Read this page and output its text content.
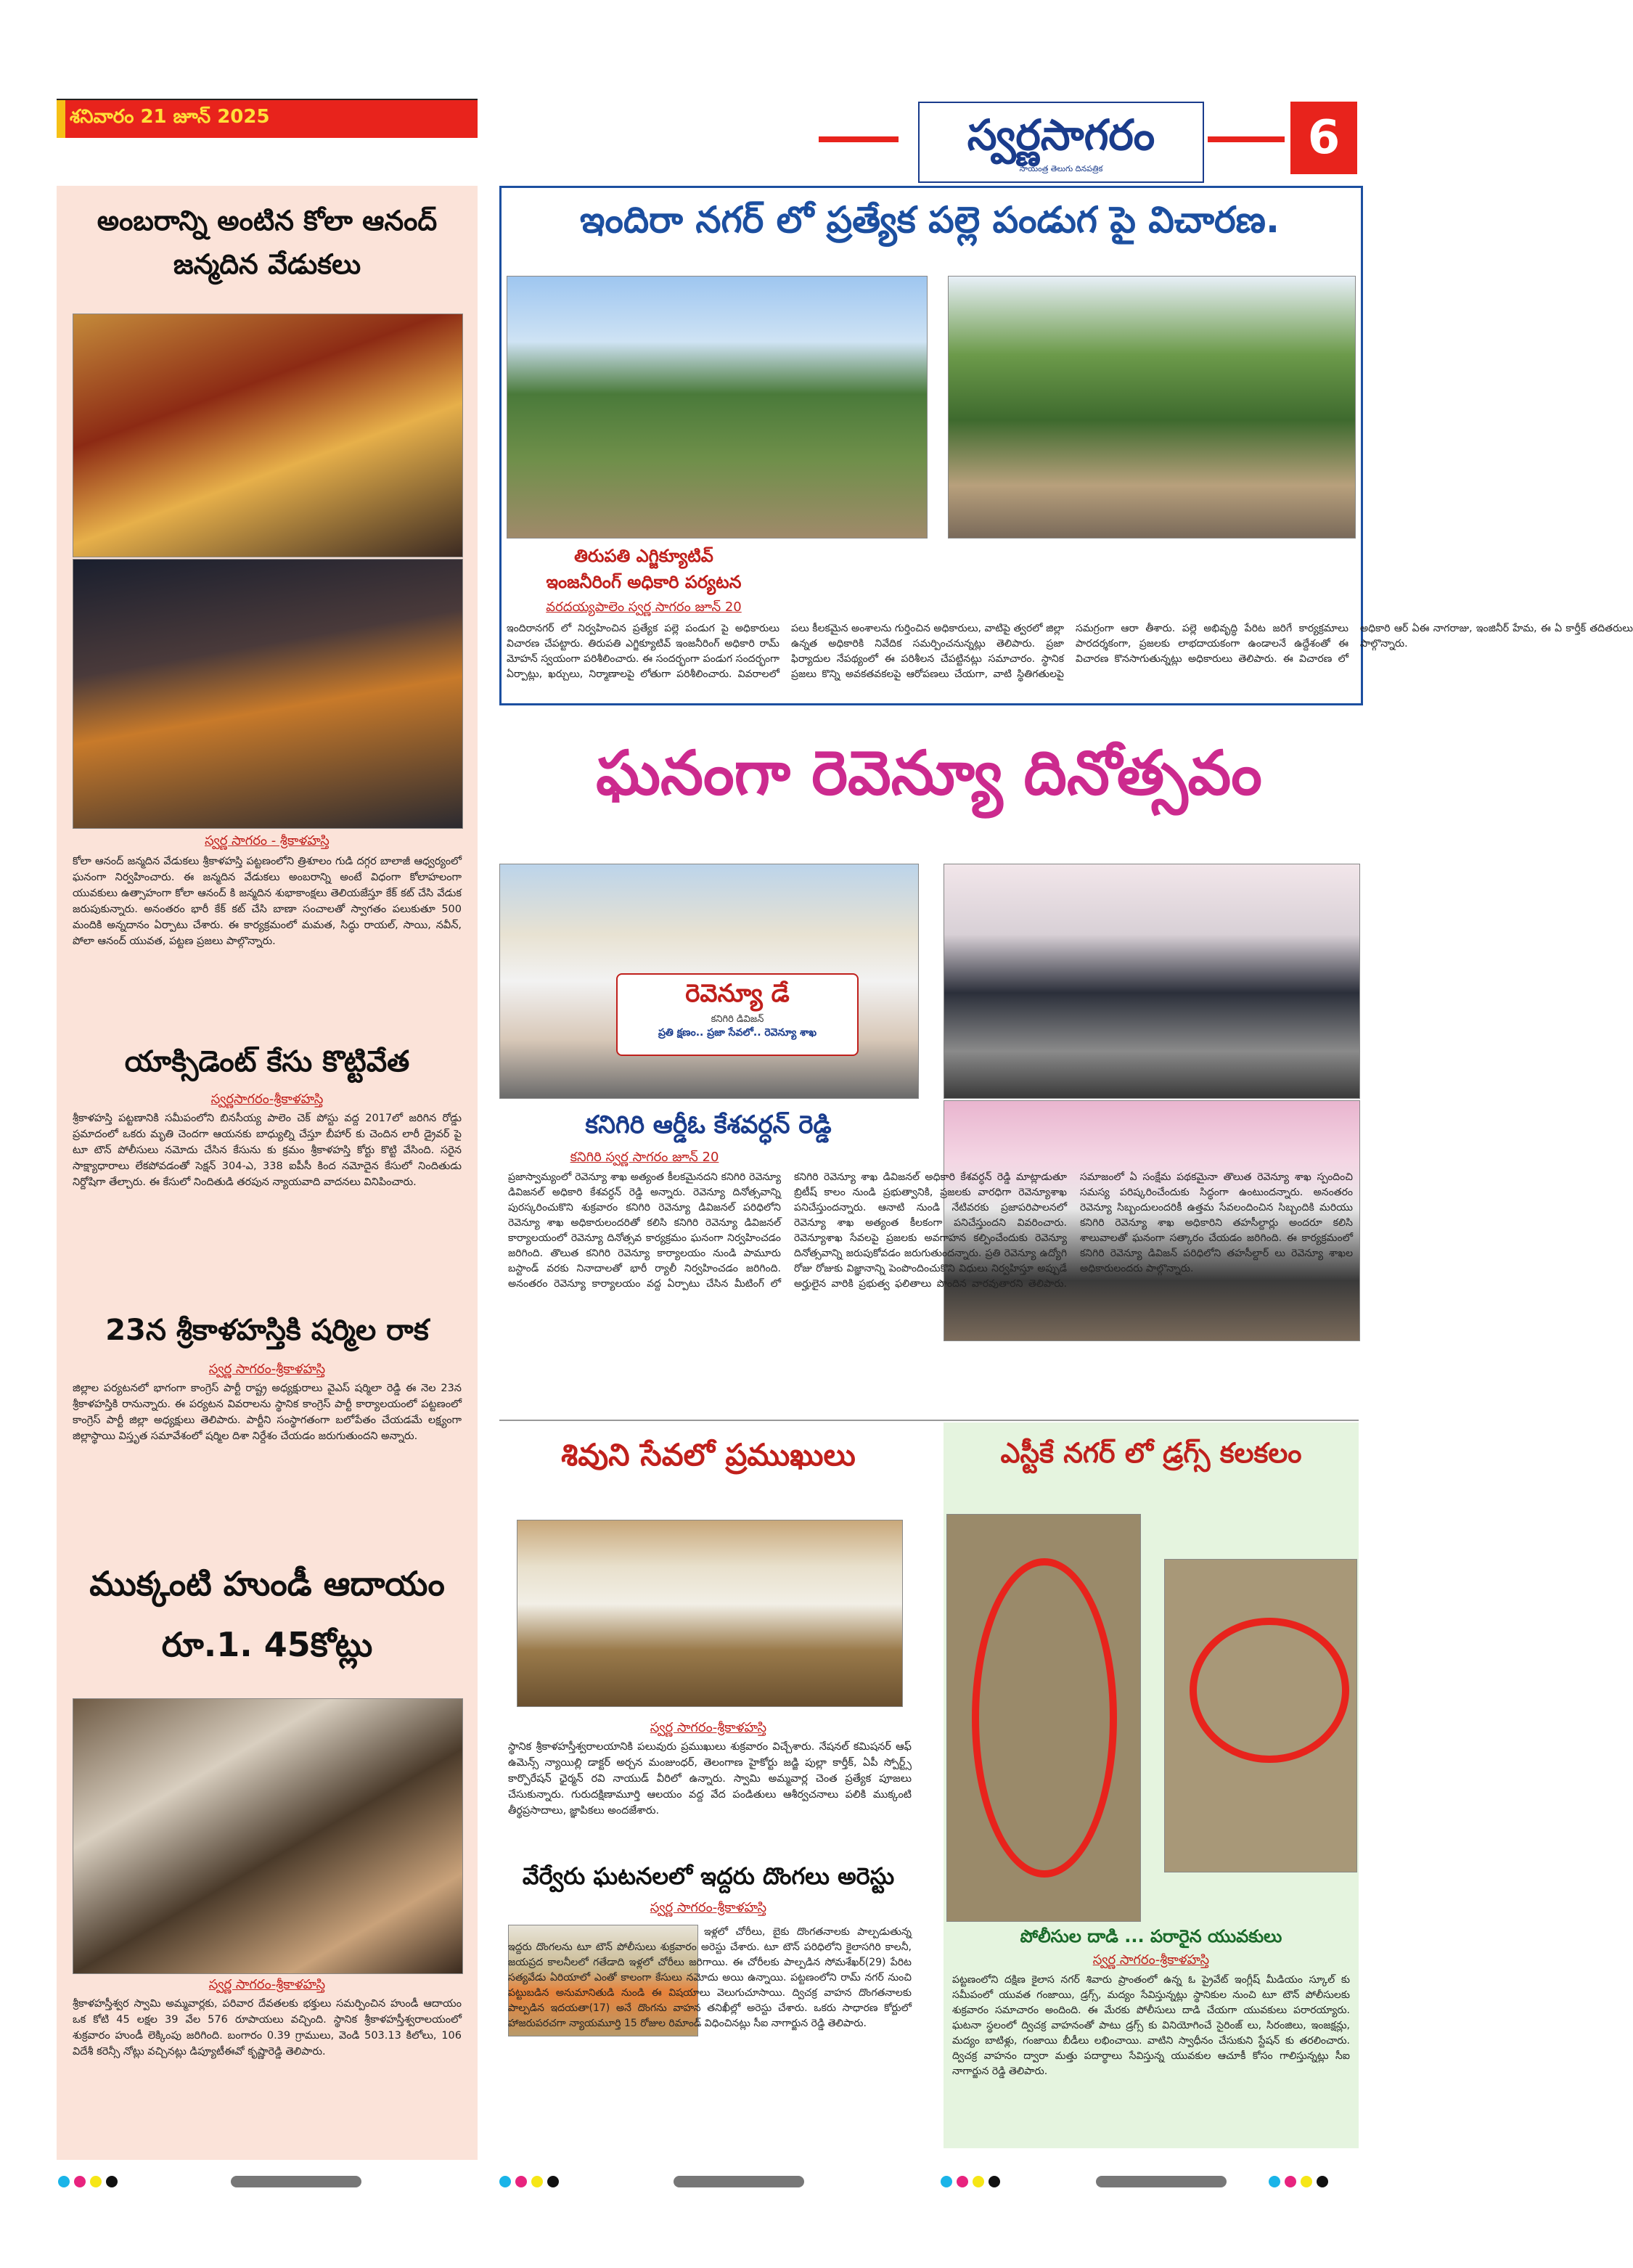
శనివారం 21 జూన్ 2025	స్వర్ణసాగరం
సాయంత్ర తెలుగు దినపత్రిక
6
అంబరాన్ని అంటిన కోలా ఆనంద్ జన్మదిన వేడుకలు
స్వర్ణ సాగరం - శ్రీకాళహస్తి
కోలా ఆనంద్ జన్మదిన వేడుకలు శ్రీకాళహస్తి పట్టణంలోని త్రిశూలం గుడి దగ్గర బాలాజీ ఆధ్వర్యంలో ఘనంగా నిర్వహించారు. ఈ జన్మదిన వేడుకలు అంబరాన్ని అంటే విధంగా కోలాహలంగా యువకులు ఉత్సాహంగా కోలా ఆనంద్ కి జన్మదిన శుభాకాంక్షలు తెలియజేస్తూ కేక్ కట్ చేసి వేడుక జరుపుకున్నారు. అనంతరం భారీ కేక్ కట్ చేసి బాణా సంచాలతో స్వాగతం పలుకుతూ 500 మందికి అన్నదానం ఏర్పాటు చేశారు. ఈ కార్యక్రమంలో మమత, సిద్ధు రాయల్, సాయి, నవీన్, పోలా ఆనంద్ యువత, పట్టణ ప్రజలు పాల్గొన్నారు.
యాక్సిడెంట్ కేసు కొట్టివేత
స్వర్ణసాగరం-శ్రీకాళహస్తి
శ్రీకాళహస్తి పట్టణానికి సమీపంలోని బినసీయ్య పాలెం చెక్ పోస్టు వద్ద 2017లో జరిగిన రోడ్డు ప్రమాదంలో ఒకరు మృతి చెందగా ఆయనకు బాధ్యుల్ని చేస్తూ బీహార్ కు చెందిన లారీ డ్రైవర్ పై టూ టౌన్ పోలీసులు నమోదు చేసిన కేసును కు క్రమం శ్రీకాళహస్తి కోర్టు కొట్టి వేసింది. సరైన సాక్ష్యాధారాలు లేకపోవడంతో సెక్షన్ 304-ఎ, 338 ఐపీసీ కింద నమోదైన కేసులో నిందితుడు నిర్దోషిగా తేల్చారు. ఈ కేసులో నిందితుడి తరపున న్యాయవాది వాదనలు వినిపించారు.
23న శ్రీకాళహస్తికి షర్మిల రాక
స్వర్ణ సాగరం-శ్రీకాళహస్తి
జిల్లాల పర్యటనలో భాగంగా కాంగ్రెస్ పార్టీ రాష్ట్ర అధ్యక్షురాలు వైఎస్ షర్మిలా రెడ్డి ఈ నెల 23న శ్రీకాళహస్తికి రానున్నారు. ఈ పర్యటన వివరాలను స్థానిక కాంగ్రెస్ పార్టీ కార్యాలయంలో పట్టణంలో కాంగ్రెస్ పార్టీ జిల్లా అధ్యక్షులు తెలిపారు. పార్టీని సంస్థాగతంగా బలోపేతం చేయడమే లక్ష్యంగా జిల్లాస్థాయి విస్తృత సమావేశంలో షర్మిల దిశా నిర్దేశం చేయడం జరుగుతుందని అన్నారు.
ముక్కంటి హుండీ ఆదాయం రూ.1. 45కోట్లు
స్వర్ణ సాగరం-శ్రీకాళహస్తి
శ్రీకాళహస్తీశ్వర స్వామి అమ్మవార్లకు, పరివార దేవతలకు భక్తులు సమర్పించిన హుండీ ఆదాయం ఒక కోటి 45 లక్షల 39 వేల 576 రూపాయలు వచ్చింది. స్థానిక శ్రీకాళహస్తీశ్వరాలయంలో శుక్రవారం హుండీ లెక్కింపు జరిగింది. బంగారం 0.39 గ్రాములు, వెండి 503.13 కిలోలు, 106 విదేశీ కరెన్సీ నోట్లు వచ్చినట్లు డిప్యూటీఈవో కృష్ణారెడ్డి తెలిపారు.
ఇందిరా నగర్ లో ప్రత్యేక పల్లె పండుగ పై విచారణ.
తిరుపతి ఎగ్జిక్యూటివ్
ఇంజనీరింగ్ అధికారి పర్యటన
వరదయ్యపాలెం స్వర్ణ సాగరం జూన్ 20
ఇందిరానగర్ లో నిర్వహించిన ప్రత్యేక పల్లె పండుగ పై అధికారులు విచారణ చేపట్టారు. తిరుపతి ఎగ్జిక్యూటివ్ ఇంజనీరింగ్ అధికారి రామ్ మోహన్ స్వయంగా పరిశీలించారు. ఈ సందర్భంగా పండుగ సందర్భంగా ఏర్పాట్లు, ఖర్చులు, నిర్మాణాలపై లోతుగా పరిశీలించారు. వివరాలలో పలు కీలకమైన అంశాలను గుర్తించిన అధికారులు, వాటిపై త్వరలో జిల్లా ఉన్నత అధికారికి నివేదిక సమర్పించనున్నట్లు తెలిపారు. ప్రజా ఫిర్యాదుల నేపథ్యంలో ఈ పరిశీలన చేపట్టినట్లు సమాచారం. స్థానిక ప్రజలు కొన్ని అవకతవకలపై ఆరోపణలు చేయగా, వాటి స్థితిగతులపై సమగ్రంగా ఆరా తీశారు. పల్లె అభివృద్ధి పేరిట జరిగే కార్యక్రమాలు పారదర్శకంగా, ప్రజలకు లాభదాయకంగా ఉండాలనే ఉద్దేశంతో ఈ విచారణ కొనసాగుతున్నట్లు అధికారులు తెలిపారు. ఈ విచారణ లో అధికారి ఆర్ ఏఈ నాగరాజు, ఇంజినీర్ హేమ, ఈ ఏ కార్తీక్ తదితరులు పాల్గొన్నారు.
ఘనంగా రెవెన్యూ దినోత్సవం
రెవెన్యూ డే
కనిగిరి డివిజన్
ప్రతి క్షణం.. ప్రజా సేవలో.. రెవెన్యూ శాఖ
కనిగిరి ఆర్డీఓ కేశవర్ధన్ రెడ్డి
కనిగిరి స్వర్ణ సాగరం జూన్ 20
ప్రజాస్వామ్యంలో రెవెన్యూ శాఖ అత్యంత కీలకమైనదని కనిగిరి రెవెన్యూ డివిజనల్ అధికారి కేశవర్ధన్ రెడ్డి అన్నారు. రెవెన్యూ దినోత్సవాన్ని పురస్కరించుకొని శుక్రవారం కనిగిరి రెవెన్యూ డివిజనల్ పరిధిలోని రెవెన్యూ శాఖ అధికారులందరితో కలిసి కనిగిరి రెవెన్యూ డివిజనల్ కార్యాలయంలో రెవెన్యూ దినోత్సవ కార్యక్రమం ఘనంగా నిర్వహించడం జరిగింది. తొలుత కనిగిరి రెవెన్యూ కార్యాలయం నుండి పామూరు బస్టాండ్ వరకు నినాదాలతో భారీ ర్యాలీ నిర్వహించడం జరిగింది. అనంతరం రెవెన్యూ కార్యాలయం వద్ద ఏర్పాటు చేసిన మీటింగ్ లో కనిగిరి రెవెన్యూ శాఖ డివిజనల్ అధికారి కేశవర్ధన్ రెడ్డి మాట్లాడుతూ బ్రిటీష్ కాలం నుండి ప్రభుత్వానికి, ప్రజలకు వారధిగా రెవెన్యూశాఖ పనిచేస్తుందన్నారు. ఆనాటి నుండి నేటివరకు ప్రజాపరిపాలనలో రెవెన్యూ శాఖ అత్యంత కీలకంగా పనిచేస్తుందని వివరించారు. రెవెన్యూశాఖ సేవలపై ప్రజలకు అవగాహన కల్పించేందుకు రెవెన్యూ దినోత్సవాన్ని జరుపుకోవడం జరుగుతుందన్నారు. ప్రతి రెవెన్యూ ఉద్యోగి రోజు రోజుకు విజ్ఞానాన్ని పెంపొందించుకొని విధులు నిర్వహిస్తూ అప్పుడే అర్హులైన వారికి ప్రభుత్వ ఫలితాలు పొందిన వారవుతారని తెలిపారు. సమాజంలో ఏ సంక్షేమ పథకమైనా తొలుత రెవెన్యూ శాఖ స్పందించి సమస్య పరిష్కరించేందుకు సిద్ధంగా ఉంటుందన్నారు. అనంతరం రెవెన్యూ సిబ్బందులందరికీ ఉత్తమ సేవలందించిన సిబ్బందికి మరియు కనిగిరి రెవెన్యూ శాఖ అధికారిని తహసీల్దార్లు అందరూ కలిసి శాలువాలతో ఘనంగా సత్కారం చేయడం జరిగింది. ఈ కార్యక్రమంలో కనిగిరి రెవెన్యూ డివిజన్ పరిధిలోని తహసీల్దార్ లు రెవెన్యూ శాఖల అధికారులందరు పాల్గొన్నారు.
శివుని సేవలో ప్రముఖులు
స్వర్ణ సాగరం-శ్రీకాళహస్తి
స్థానిక శ్రీకాళహస్తీశ్వరాలయానికి పలువురు ప్రముఖులు శుక్రవారం విచ్చేశారు. నేషనల్ కమిషనర్ ఆఫ్ ఉమెన్స్ న్యాయిల్లి డాక్టర్ అర్చన మంజుంధర్, తెలంగాణ హైకోర్టు జడ్జి పుల్లా కార్తీక్, ఏపీ స్పోర్ట్స్ కార్పొరేషన్ ఛైర్మన్ రవి నాయుడ్ వీరిలో ఉన్నారు. స్వామి అమ్మవార్ల చెంత ప్రత్యేక పూజలు చేసుకున్నారు. గురుదక్షిణామూర్తి ఆలయం వద్ద వేద పండితులు ఆశీర్వచనాలు పలికి ముక్కంటి తీర్థప్రసాదాలు, జ్ఞాపికలు అందజేశారు.
వేర్వేరు ఘటనలలో ఇద్దరు దొంగలు అరెస్టు
స్వర్ణ సాగరం-శ్రీకాళహస్తి
ఇళ్లలో చోరీలు, బైకు దొంగతనాలకు పాల్పడుతున్న ఇద్దరు దొంగలను టూ టౌన్ పోలీసులు శుక్రవారం అరెస్టు చేశారు. టూ టౌన్ పరిధిలోని కైలాసగిరి కాలనీ, జయప్రద కాలనీలలో గతేడాది ఇళ్లలో చోరీలు జరిగాయి. ఈ చోరీలకు పాల్పడిన సోమశేఖర్(29) పేరిట సత్యవేడు ఏరియాలో ఎంతో కాలంగా కేసులు నమోదు అయి ఉన్నాయి. పట్టణంలోని రామ్ నగర్ నుంచి పట్టుబడిన అనుమానితుడి నుండి ఈ విషయాలు వెలుగుచూసాయి. ద్విచక్ర వాహన దొంగతనాలకు పాల్పడిన ఇదయతా(17) అనే దొంగను వాహన తనిఖీల్లో అరెస్టు చేశారు. ఒకరు సాధారణ కోర్టులో హాజరుపరచగా న్యాయమూర్తి 15 రోజుల రిమాండ్ విధించినట్లు సీఐ నాగార్జున రెడ్డి తెలిపారు.
ఎస్టీకే నగర్ లో డ్రగ్స్ కలకలం
పోలీసుల దాడి ... పరారైన యువకులు
స్వర్ణ సాగరం-శ్రీకాళహస్తి
పట్టణంలోని దక్షిణ కైలాస నగర్ శివారు ప్రాంతంలో ఉన్న ఓ ప్రైవేట్ ఇంగ్లీష్ మీడియం స్కూల్ కు సమీపంలో యువత గంజాయి, డ్రగ్స్, మద్యం సేవిస్తున్నట్లు స్థానికుల నుంచి టూ టౌన్ పోలీసులకు శుక్రవారం సమాచారం అందింది. ఈ మేరకు పోలీసులు దాడి చేయగా యువకులు పరారయ్యారు. ఘటనా స్థలంలో ద్విచక్ర వాహనంతో పాటు డ్రగ్స్ కు వినియోగించే సైరింజ్ లు, సిరంజిలు, ఇంజక్షన్లు, మద్యం బాటిళ్లు, గంజాయి బీడీలు లభించాయి. వాటిని స్వాధీనం చేసుకుని స్టేషన్ కు తరలించారు. ద్విచక్ర వాహనం ద్వారా మత్తు పదార్థాలు సేవిస్తున్న యువకుల ఆచూకీ కోసం గాలిస్తున్నట్లు సీఐ నాగార్జున రెడ్డి తెలిపారు.
